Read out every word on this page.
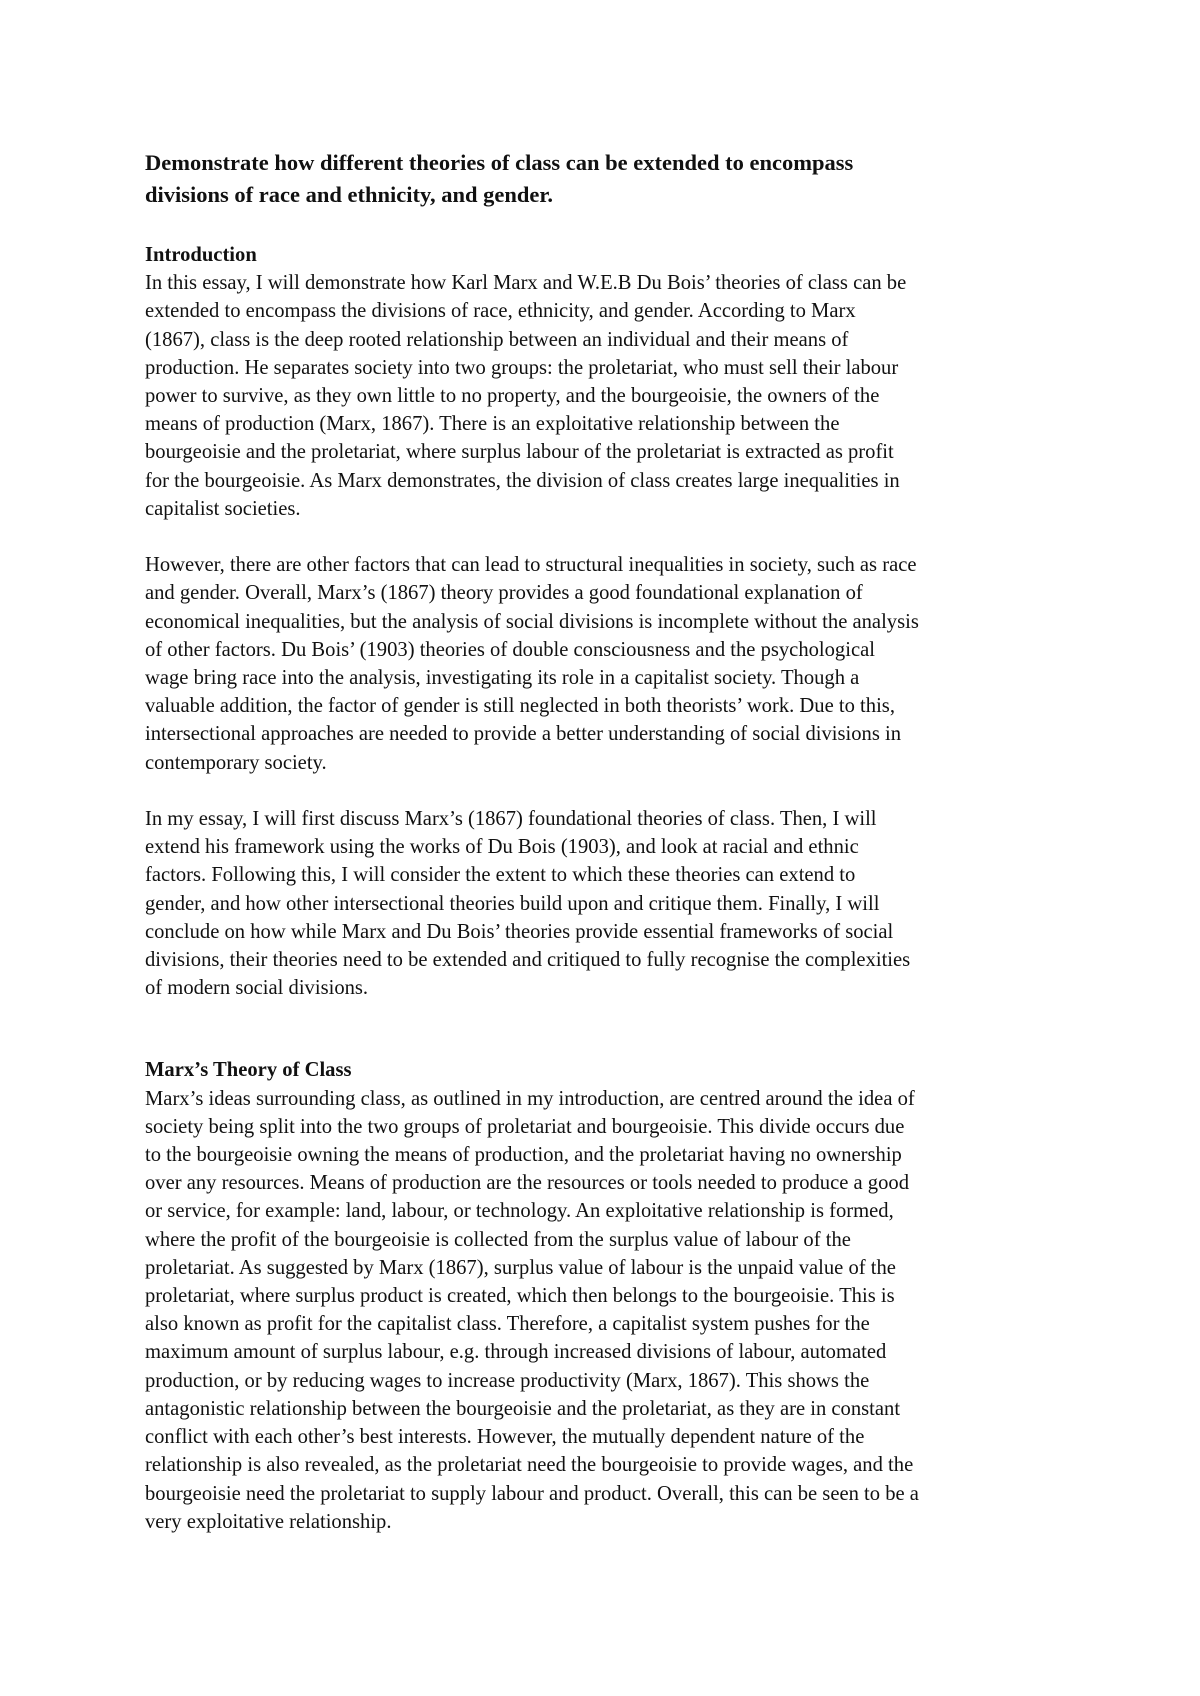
Demonstrate how different theories of class can be extended to encompass
divisions of race and ethnicity, and gender.
Introduction
In this essay, I will demonstrate how Karl Marx and W.E.B Du Bois’ theories of class can be
extended to encompass the divisions of race, ethnicity, and gender. According to Marx
(1867), class is the deep rooted relationship between an individual and their means of
production. He separates society into two groups: the proletariat, who must sell their labour
power to survive, as they own little to no property, and the bourgeoisie, the owners of the
means of production (Marx, 1867). There is an exploitative relationship between the
bourgeoisie and the proletariat, where surplus labour of the proletariat is extracted as profit
for the bourgeoisie. As Marx demonstrates, the division of class creates large inequalities in
capitalist societies.
However, there are other factors that can lead to structural inequalities in society, such as race
and gender. Overall, Marx’s (1867) theory provides a good foundational explanation of
economical inequalities, but the analysis of social divisions is incomplete without the analysis
of other factors. Du Bois’ (1903) theories of double consciousness and the psychological
wage bring race into the analysis, investigating its role in a capitalist society. Though a
valuable addition, the factor of gender is still neglected in both theorists’ work. Due to this,
intersectional approaches are needed to provide a better understanding of social divisions in
contemporary society.
In my essay, I will first discuss Marx’s (1867) foundational theories of class. Then, I will
extend his framework using the works of Du Bois (1903), and look at racial and ethnic
factors. Following this, I will consider the extent to which these theories can extend to
gender, and how other intersectional theories build upon and critique them. Finally, I will
conclude on how while Marx and Du Bois’ theories provide essential frameworks of social
divisions, their theories need to be extended and critiqued to fully recognise the complexities
of modern social divisions.
Marx’s Theory of Class
Marx’s ideas surrounding class, as outlined in my introduction, are centred around the idea of
society being split into the two groups of proletariat and bourgeoisie. This divide occurs due
to the bourgeoisie owning the means of production, and the proletariat having no ownership
over any resources. Means of production are the resources or tools needed to produce a good
or service, for example: land, labour, or technology. An exploitative relationship is formed,
where the profit of the bourgeoisie is collected from the surplus value of labour of the
proletariat. As suggested by Marx (1867), surplus value of labour is the unpaid value of the
proletariat, where surplus product is created, which then belongs to the bourgeoisie. This is
also known as profit for the capitalist class. Therefore, a capitalist system pushes for the
maximum amount of surplus labour, e.g. through increased divisions of labour, automated
production, or by reducing wages to increase productivity (Marx, 1867). This shows the
antagonistic relationship between the bourgeoisie and the proletariat, as they are in constant
conflict with each other’s best interests. However, the mutually dependent nature of the
relationship is also revealed, as the proletariat need the bourgeoisie to provide wages, and the
bourgeoisie need the proletariat to supply labour and product. Overall, this can be seen to be a
very exploitative relationship.
